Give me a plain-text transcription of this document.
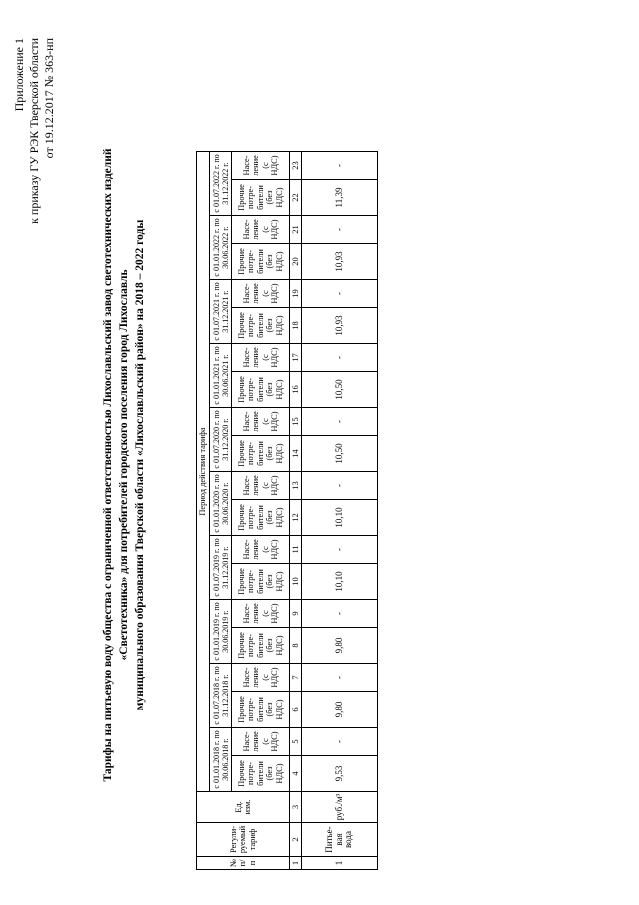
Приложение 1 к приказу ГУ РЭК Тверской области от 19.12.2017 № 363-нп
Тарифы на питьевую воду общества с ограниченной ответственностью Лихославльский завод светотехнических изделий «Светотехника» для потребителей городского поселения город Лихославль муниципального образования Тверской области «Лихославльский район» на 2018 – 2022 годы
№ п/ п	Регули- руемый тариф	Ед. изм.	Период действия тарифа																			
			с 01.01.2018 г. по 30.06.2018 г.		с 01.07.2018 г. по 31.12.2018 г.		с 01.01.2019 г. по 30.06.2019 г.		с 01.07.2019 г. по 31.12.2019 г.		с 01.01.2020 г. по 30.06.2020 г.		с 01.07.2020 г. по 31.12.2020 г.		с 01.01.2021 г. по 30.06.2021 г.		с 01.07.2021 г. по 31.12.2021 г.		с 01.01.2022 г. по 30.06.2022 г.		с 01.07.2022 г. по 31.12.2022 г.	
			Прочие потре- бители (без НДС)	Насе- ление (с НДС)	Прочие потре- бители (без НДС)	Насе- ление (с НДС)	Прочие потре- бители (без НДС)	Насе- ление (с НДС)	Прочие потре- бители (без НДС)	Насе- ление (с НДС)	Прочие потре- бители (без НДС)	Насе- ление (с НДС)	Прочие потре- бители (без НДС)	Насе- ление (с НДС)	Прочие потре- бители (без НДС)	Насе- ление (с НДС)	Прочие потре- бители (без НДС)	Насе- ление (с НДС)	Прочие потре- бители (без НДС)	Насе- ление (с НДС)	Прочие потре- бители (без НДС)	Насе- ление (с НДС)
1	2	3	4	5	6	7	8	9	10	11	12	13	14	15	16	17	18	19	20	21	22	23
1	Питье- вая вода	руб./м³	9,53	-	9,80	-	9,80	-	10,10	-	10,10	-	10,50	-	10,50	-	10,93	-	10,93	-	11,39	-
